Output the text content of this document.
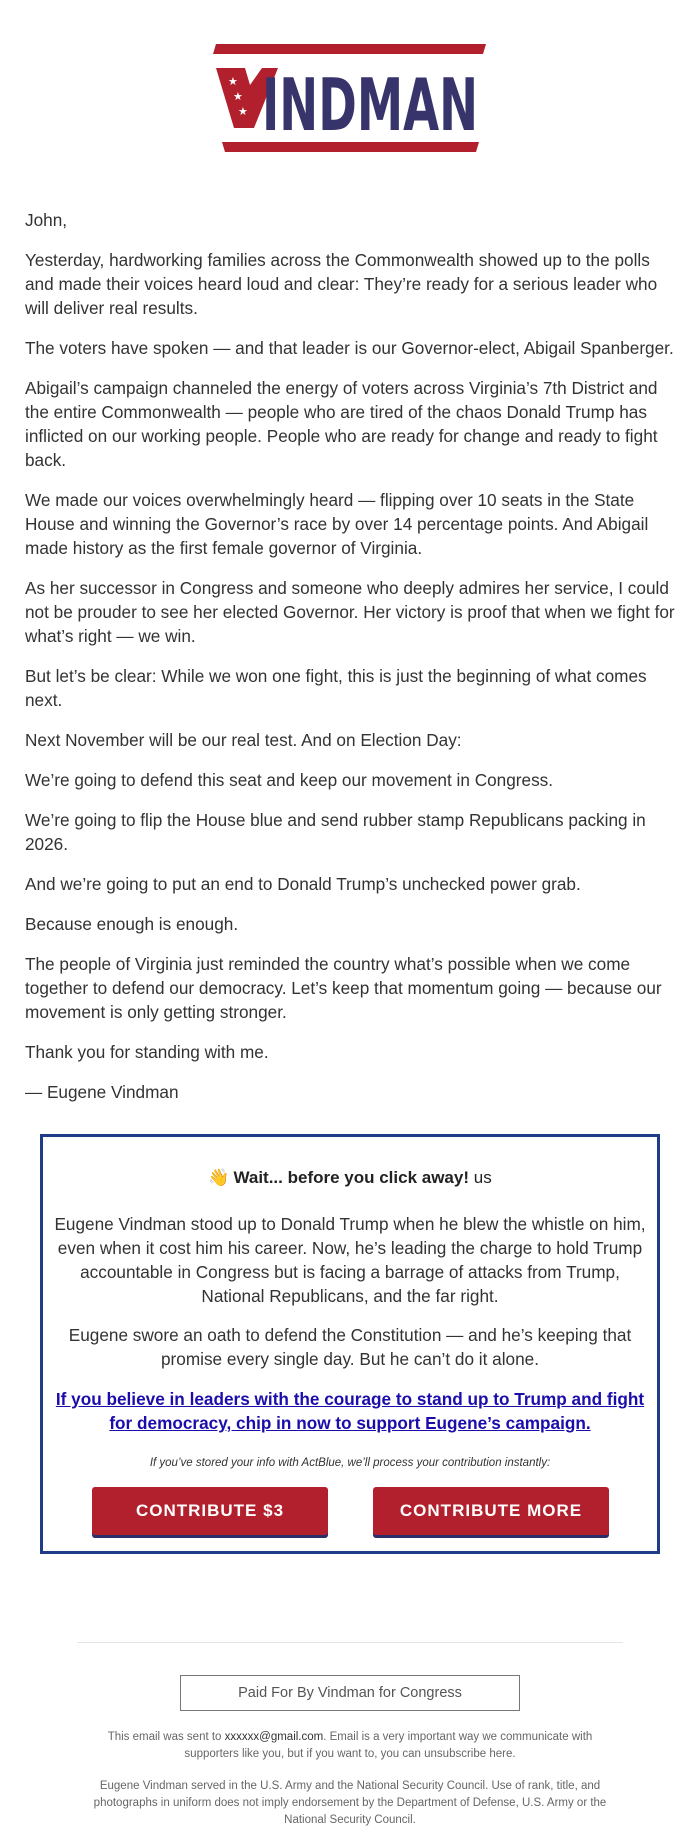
★
★
★ INDMAN

John,

Yesterday, hardworking families across the Commonwealth showed up to the polls and made their voices heard loud and clear: They’re ready for a serious leader who will deliver real results.

The voters have spoken — and that leader is our Governor-elect, Abigail Spanberger.

Abigail’s campaign channeled the energy of voters across Virginia’s 7th District and the entire Commonwealth — people who are tired of the chaos Donald Trump has inflicted on our working people. People who are ready for change and ready to fight back.

We made our voices overwhelmingly heard — flipping over 10 seats in the State House and winning the Governor’s race by over 14 percentage points. And Abigail made history as the first female governor of Virginia.

As her successor in Congress and someone who deeply admires her service, I could not be prouder to see her elected Governor. Her victory is proof that when we fight for what’s right — we win.

But let’s be clear: While we won one fight, this is just the beginning of what comes next.

Next November will be our real test. And on Election Day:

We’re going to defend this seat and keep our movement in Congress.

We’re going to flip the House blue and send rubber stamp Republicans packing in 2026.

And we’re going to put an end to Donald Trump’s unchecked power grab.

Because enough is enough.

The people of Virginia just reminded the country what’s possible when we come together to defend our democracy. Let’s keep that momentum going — because our movement is only getting stronger.

Thank you for standing with me.

— Eugene Vindman

👋 Wait... before you click away! us

Eugene Vindman stood up to Donald Trump when he blew the whistle on him, even when it cost him his career. Now, he’s leading the charge to hold Trump accountable in Congress but is facing a barrage of attacks from Trump, National Republicans, and the far right.

Eugene swore an oath to defend the Constitution — and he’s keeping that promise every single day. But he can’t do it alone.

If you believe in leaders with the courage to stand up to Trump and fight for democracy, chip in now to support Eugene’s campaign.
If you’ve stored your info with ActBlue, we’ll process your contribution instantly:
CONTRIBUTE $3	CONTRIBUTE MORE
Paid For By Vindman for Congress

This email was sent to xxxxxx@gmail.com. Email is a very important way we communicate with supporters like you, but if you want to, you can unsubscribe here.

Eugene Vindman served in the U.S. Army and the National Security Council. Use of rank, title, and photographs in uniform does not imply endorsement by the Department of Defense, U.S. Army or the National Security Council.
